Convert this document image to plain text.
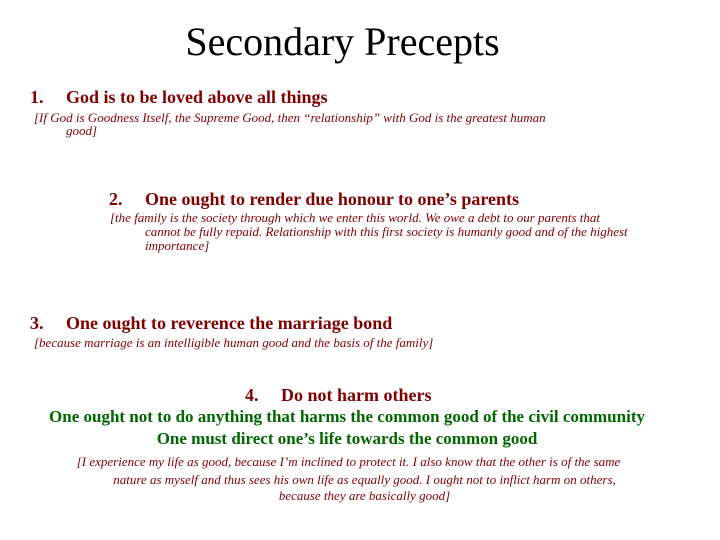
Secondary Precepts
1. God is to be loved above all things
[If God is Goodness Itself, the Supreme Good, then “relationship” with God is the greatest human
good]
2. One ought to render due honour to one’s parents
[the family is the society through which we enter this world. We owe a debt to our parents that
cannot be fully repaid. Relationship with this first society is humanly good and of the highest
importance]
3. One ought to reverence the marriage bond
[because marriage is an intelligible human good and the basis of the family]
4. Do not harm others
One ought not to do anything that harms the common good of the civil community
One must direct one’s life towards the common good
[I experience my life as good, because I’m inclined to protect it. I also know that the other is of the same
nature as myself and thus sees his own life as equally good. I ought not to inflict harm on others,
because they are basically good]
